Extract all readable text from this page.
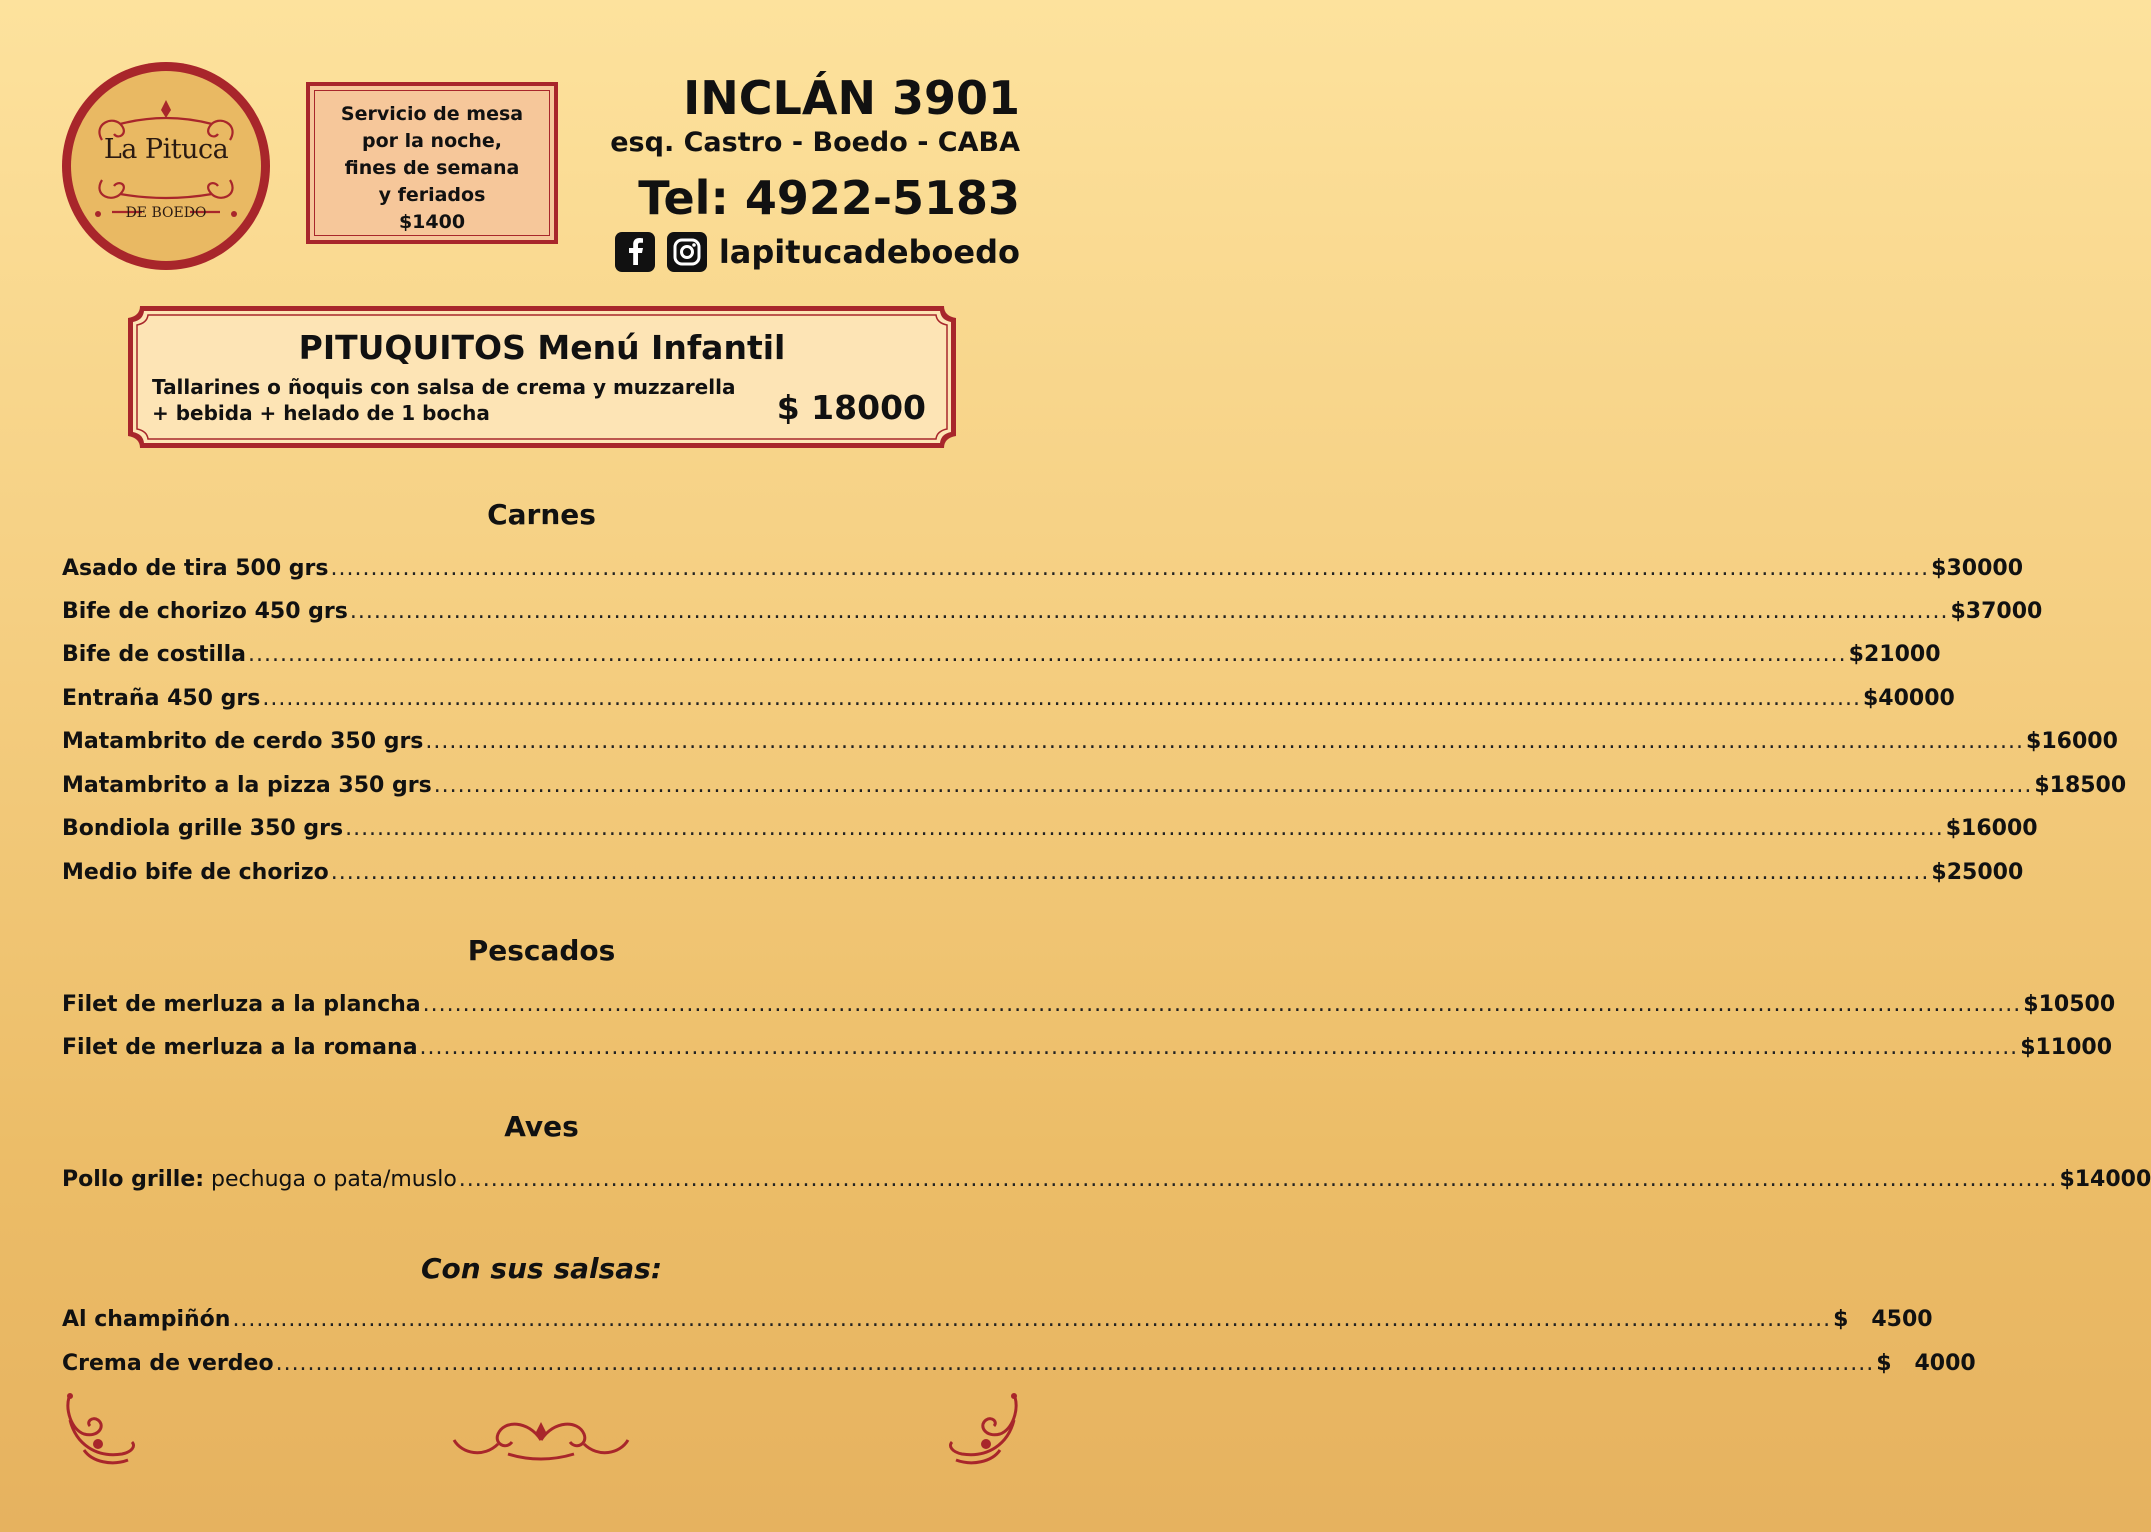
La Pituca
DE BOEDO
Servicio de mesa
por la noche,
fines de semana
y feriados
$1400
INCLÁN 3901
esq. Castro - Boedo - CABA
Tel: 4922-5183
lapitucadeboedo
PITUQUITOS Menú Infantil
Tallarines o ñoquis con salsa de crema y muzzarella
+ bebida + helado de 1 bocha	$ 18000
Carnes
Asado de tira 500 grs ........................................................................................................................................................................................................ $30000
Bife de chorizo 450 grs ........................................................................................................................................................................................................ $37000
Bife de costilla ........................................................................................................................................................................................................ $21000
Entraña 450 grs ........................................................................................................................................................................................................ $40000
Matambrito de cerdo 350 grs ........................................................................................................................................................................................................ $16000
Matambrito a la pizza 350 grs ........................................................................................................................................................................................................ $18500
Bondiola grille 350 grs ........................................................................................................................................................................................................ $16000
Medio bife de chorizo ........................................................................................................................................................................................................ $25000
Pescados
Filet de merluza a la plancha ........................................................................................................................................................................................................ $10500
Filet de merluza a la romana ........................................................................................................................................................................................................ $11000
Aves
Pollo grille: pechuga o pata/muslo ........................................................................................................................................................................................................ $14000
Con sus salsas:
Al champiñón ........................................................................................................................................................................................................ $   4500
Crema de verdeo ........................................................................................................................................................................................................ $   4000
